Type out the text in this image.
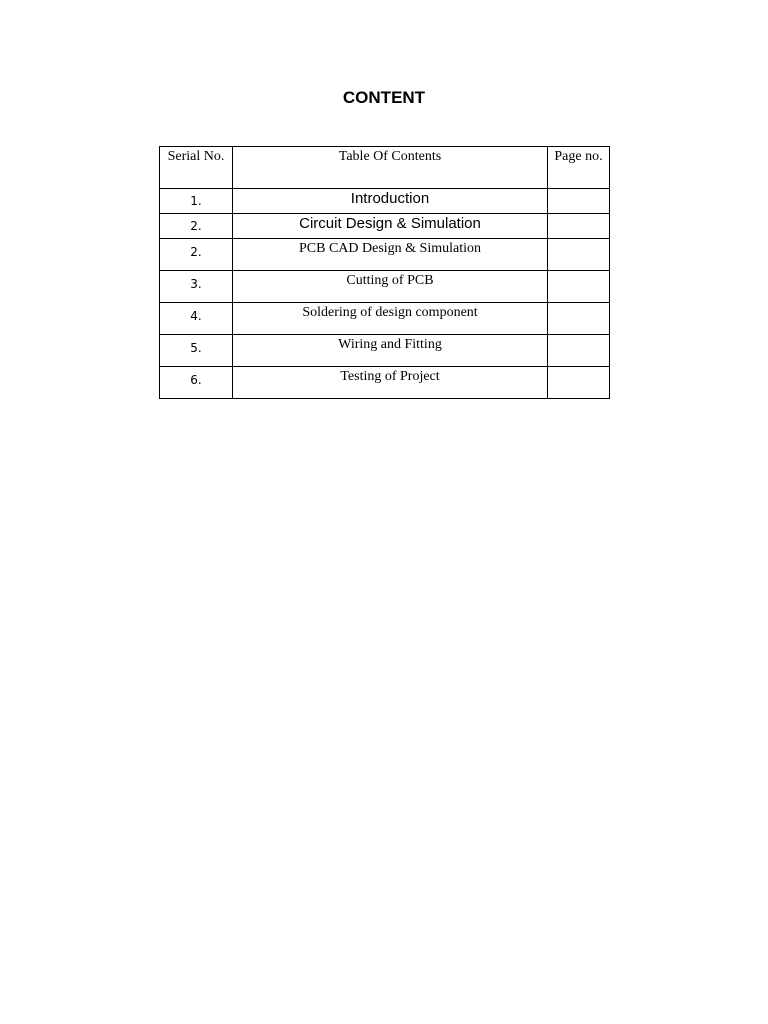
CONTENT
Serial No.	Table Of Contents	Page no.

1.	Introduction	

2.	Circuit Design & Simulation	

2.	PCB CAD Design & Simulation	

3.	Cutting of PCB	

4.	Soldering of design component	

5.	Wiring and Fitting	

6.	Testing of Project	
